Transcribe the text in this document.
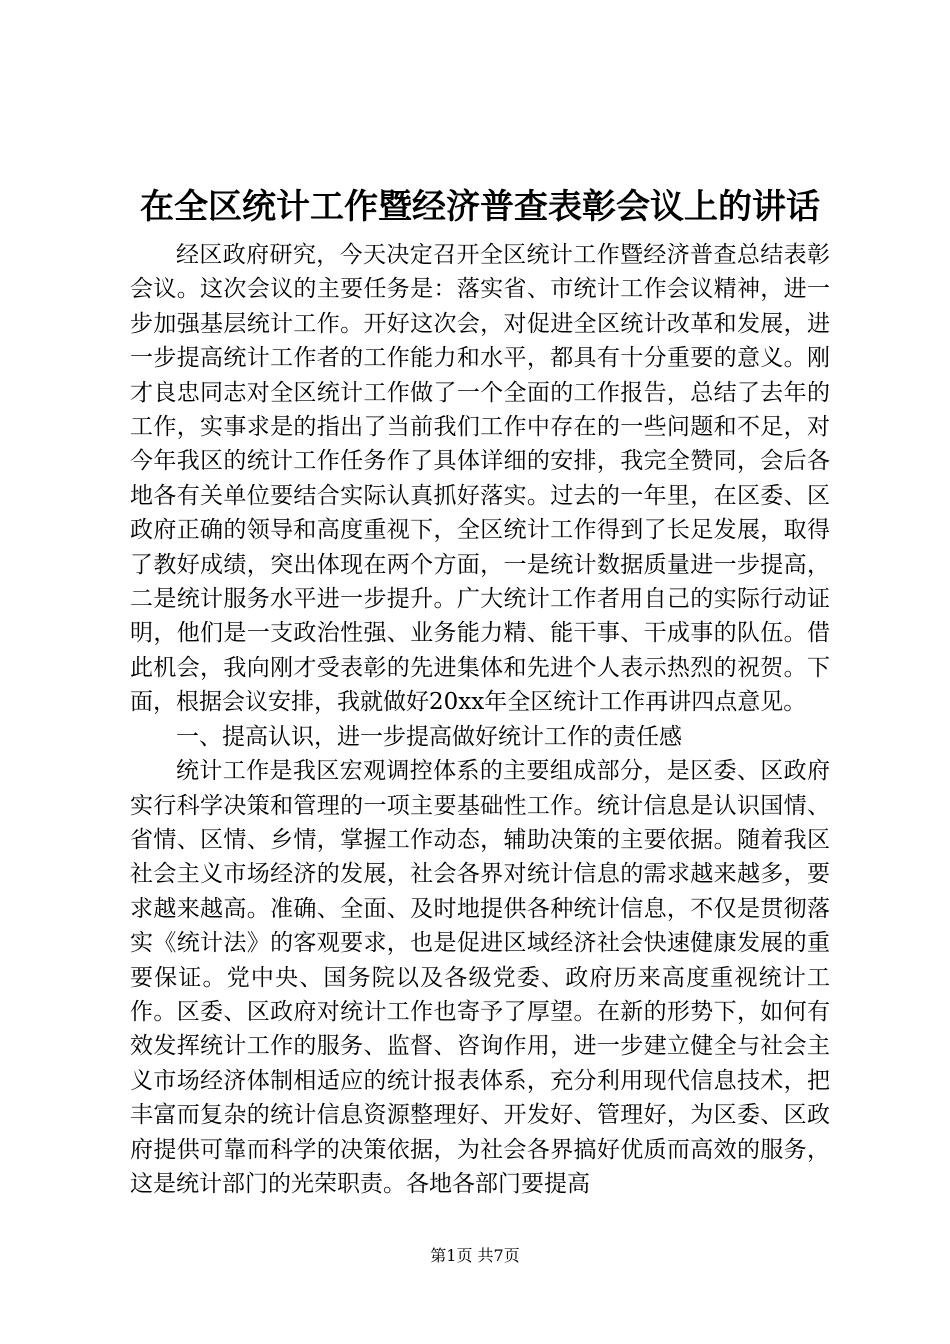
在全区统计工作暨经济普查表彰会议上的讲话

经区政府研究，今天决定召开全区统计工作暨经济普查总结表彰会议。这次会议的主要任务是：落实省、市统计工作会议精神，进一步加强基层统计工作。开好这次会，对促进全区统计改革和发展，进一步提高统计工作者的工作能力和水平，都具有十分重要的意义。刚才良忠同志对全区统计工作做了一个全面的工作报告，总结了去年的工作，实事求是的指出了当前我们工作中存在的一些问题和不足，对今年我区的统计工作任务作了具体详细的安排，我完全赞同，会后各地各有关单位要结合实际认真抓好落实。过去的一年里，在区委、区政府正确的领导和高度重视下，全区统计工作得到了长足发展，取得了教好成绩，突出体现在两个方面，一是统计数据质量进一步提高，二是统计服务水平进一步提升。广大统计工作者用自己的实际行动证明，他们是一支政治性强、业务能力精、能干事、干成事的队伍。借此机会，我向刚才受表彰的先进集体和先进个人表示热烈的祝贺。下面，根据会议安排，我就做好20xx年全区统计工作再讲四点意见。

一、提高认识，进一步提高做好统计工作的责任感

统计工作是我区宏观调控体系的主要组成部分，是区委、区政府实行科学决策和管理的一项主要基础性工作。统计信息是认识国情、省情、区情、乡情，掌握工作动态，辅助决策的主要依据。随着我区社会主义市场经济的发展，社会各界对统计信息的需求越来越多，要求越来越高。准确、全面、及时地提供各种统计信息，不仅是贯彻落实《统计法》的客观要求，也是促进区域经济社会快速健康发展的重要保证。党中央、国务院以及各级党委、政府历来高度重视统计工作。区委、区政府对统计工作也寄予了厚望。在新的形势下，如何有效发挥统计工作的服务、监督、咨询作用，进一步建立健全与社会主义市场经济体制相适应的统计报表体系，充分利用现代信息技术，把丰富而复杂的统计信息资源整理好、开发好、管理好，为区委、区政府提供可靠而科学的决策依据，为社会各界搞好优质而高效的服务，这是统计部门的光荣职责。各地各部门要提高

第1页 共7页
